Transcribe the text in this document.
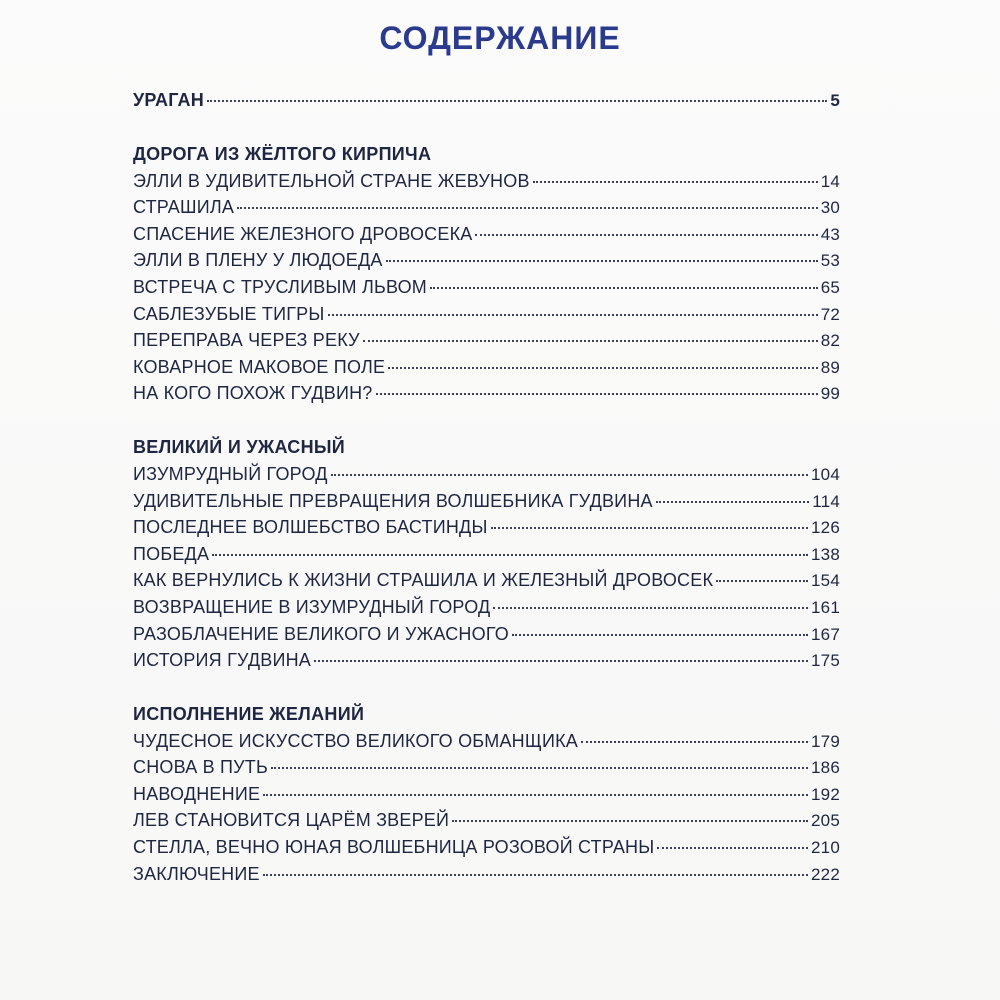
СОДЕРЖАНИЕ
УРАГАН	5
ДОРОГА ИЗ ЖЁЛТОГО КИРПИЧА
ЭЛЛИ В УДИВИТЕЛЬНОЙ СТРАНЕ ЖЕВУНОВ	14
СТРАШИЛА	30
СПАСЕНИЕ ЖЕЛЕЗНОГО ДРОВОСЕКА	43
ЭЛЛИ В ПЛЕНУ У ЛЮДОЕДА	53
ВСТРЕЧА С ТРУСЛИВЫМ ЛЬВОМ	65
САБЛЕЗУБЫЕ ТИГРЫ	72
ПЕРЕПРАВА ЧЕРЕЗ РЕКУ	82
КОВАРНОЕ МАКОВОЕ ПОЛЕ	89
НА КОГО ПОХОЖ ГУДВИН?	99
ВЕЛИКИЙ И УЖАСНЫЙ
ИЗУМРУДНЫЙ ГОРОД	104
УДИВИТЕЛЬНЫЕ ПРЕВРАЩЕНИЯ ВОЛШЕБНИКА ГУДВИНА	114
ПОСЛЕДНЕЕ ВОЛШЕБСТВО БАСТИНДЫ	126
ПОБЕДА	138
КАК ВЕРНУЛИСЬ К ЖИЗНИ СТРАШИЛА И ЖЕЛЕЗНЫЙ ДРОВОСЕК	154
ВОЗВРАЩЕНИЕ В ИЗУМРУДНЫЙ ГОРОД	161
РАЗОБЛАЧЕНИЕ ВЕЛИКОГО И УЖАСНОГО	167
ИСТОРИЯ ГУДВИНА	175
ИСПОЛНЕНИЕ ЖЕЛАНИЙ
ЧУДЕСНОЕ ИСКУССТВО ВЕЛИКОГО ОБМАНЩИКА	179
СНОВА В ПУТЬ	186
НАВОДНЕНИЕ	192
ЛЕВ СТАНОВИТСЯ ЦАРЁМ ЗВЕРЕЙ	205
СТЕЛЛА, ВЕЧНО ЮНАЯ ВОЛШЕБНИЦА РОЗОВОЙ СТРАНЫ	210
ЗАКЛЮЧЕНИЕ	222
